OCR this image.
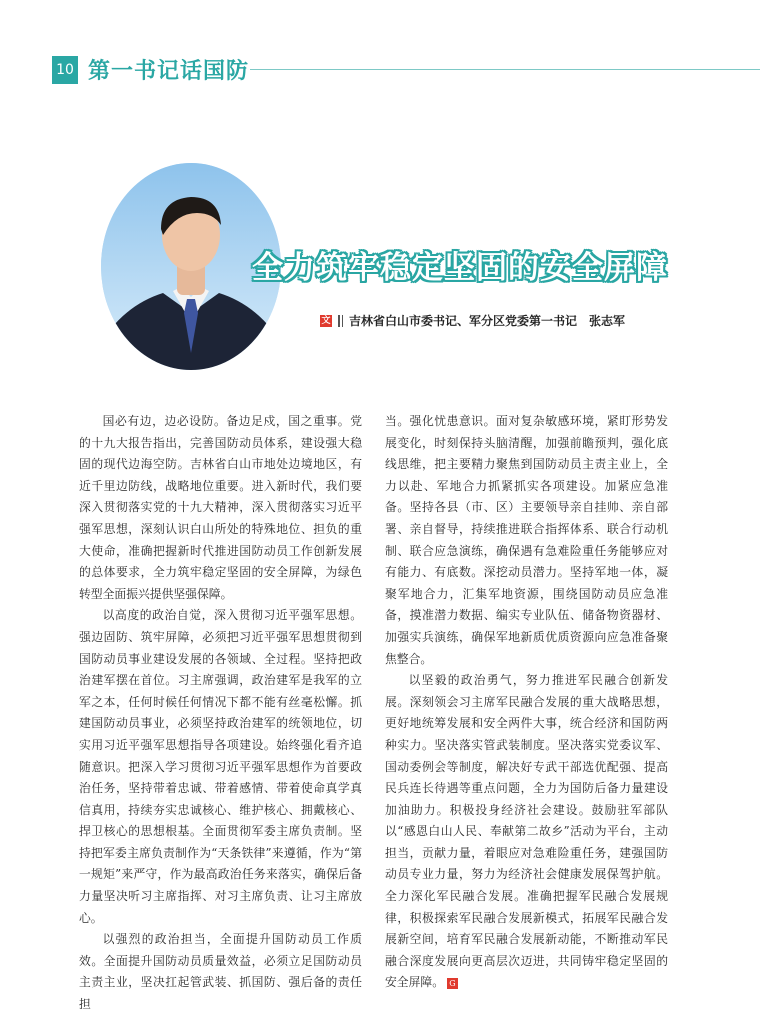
10 第一书记话国防
全力筑牢稳定坚固的安全屏障
文 吉林省白山市委书记、军分区党委第一书记　张志军

国必有边，边必设防。备边足戍，国之重事。党的十九大报告指出，完善国防动员体系，建设强大稳固的现代边海空防。吉林省白山市地处边境地区，有近千里边防线，战略地位重要。进入新时代，我们要深入贯彻落实党的十九大精神，深入贯彻落实习近平强军思想，深刻认识白山所处的特殊地位、担负的重大使命，准确把握新时代推进国防动员工作创新发展的总体要求，全力筑牢稳定坚固的安全屏障，为绿色转型全面振兴提供坚强保障。

以高度的政治自觉，深入贯彻习近平强军思想。强边固防、筑牢屏障，必须把习近平强军思想贯彻到国防动员事业建设发展的各领域、全过程。坚持把政治建军摆在首位。习主席强调，政治建军是我军的立军之本，任何时候任何情况下都不能有丝毫松懈。抓建国防动员事业，必须坚持政治建军的统领地位，切实用习近平强军思想指导各项建设。始终强化看齐追随意识。把深入学习贯彻习近平强军思想作为首要政治任务，坚持带着忠诚、带着感情、带着使命真学真信真用，持续夯实忠诚核心、维护核心、拥戴核心、捍卫核心的思想根基。全面贯彻军委主席负责制。坚持把军委主席负责制作为“天条铁律”来遵循，作为“第一规矩”来严守，作为最高政治任务来落实，确保后备力量坚决听习主席指挥、对习主席负责、让习主席放心。

以强烈的政治担当，全面提升国防动员工作质效。全面提升国防动员质量效益，必须立足国防动员主责主业，坚决扛起管武装、抓国防、强后备的责任担

当。强化忧患意识。面对复杂敏感环境，紧盯形势发展变化，时刻保持头脑清醒，加强前瞻预判，强化底线思维，把主要精力聚焦到国防动员主责主业上，全力以赴、军地合力抓紧抓实各项建设。加紧应急准备。坚持各县（市、区）主要领导亲自挂帅、亲自部署、亲自督导，持续推进联合指挥体系、联合行动机制、联合应急演练，确保遇有急难险重任务能够应对有能力、有底数。深挖动员潜力。坚持军地一体，凝聚军地合力，汇集军地资源，围绕国防动员应急准备，摸准潜力数据、编实专业队伍、储备物资器材、加强实兵演练，确保军地新质优质资源向应急准备聚焦整合。

以坚毅的政治勇气，努力推进军民融合创新发展。深刻领会习主席军民融合发展的重大战略思想，更好地统筹发展和安全两件大事，统合经济和国防两种实力。坚决落实管武装制度。坚决落实党委议军、国动委例会等制度，解决好专武干部选优配强、提高民兵连长待遇等重点问题，全力为国防后备力量建设加油助力。积极投身经济社会建设。鼓励驻军部队以“感恩白山人民、奉献第二故乡”活动为平台，主动担当，贡献力量，着眼应对急难险重任务，建强国防动员专业力量，努力为经济社会健康发展保驾护航。全力深化军民融合发展。准确把握军民融合发展规律，积极探索军民融合发展新模式，拓展军民融合发展新空间，培育军民融合发展新动能，不断推动军民融合深度发展向更高层次迈进，共同铸牢稳定坚固的安全屏障。 G
